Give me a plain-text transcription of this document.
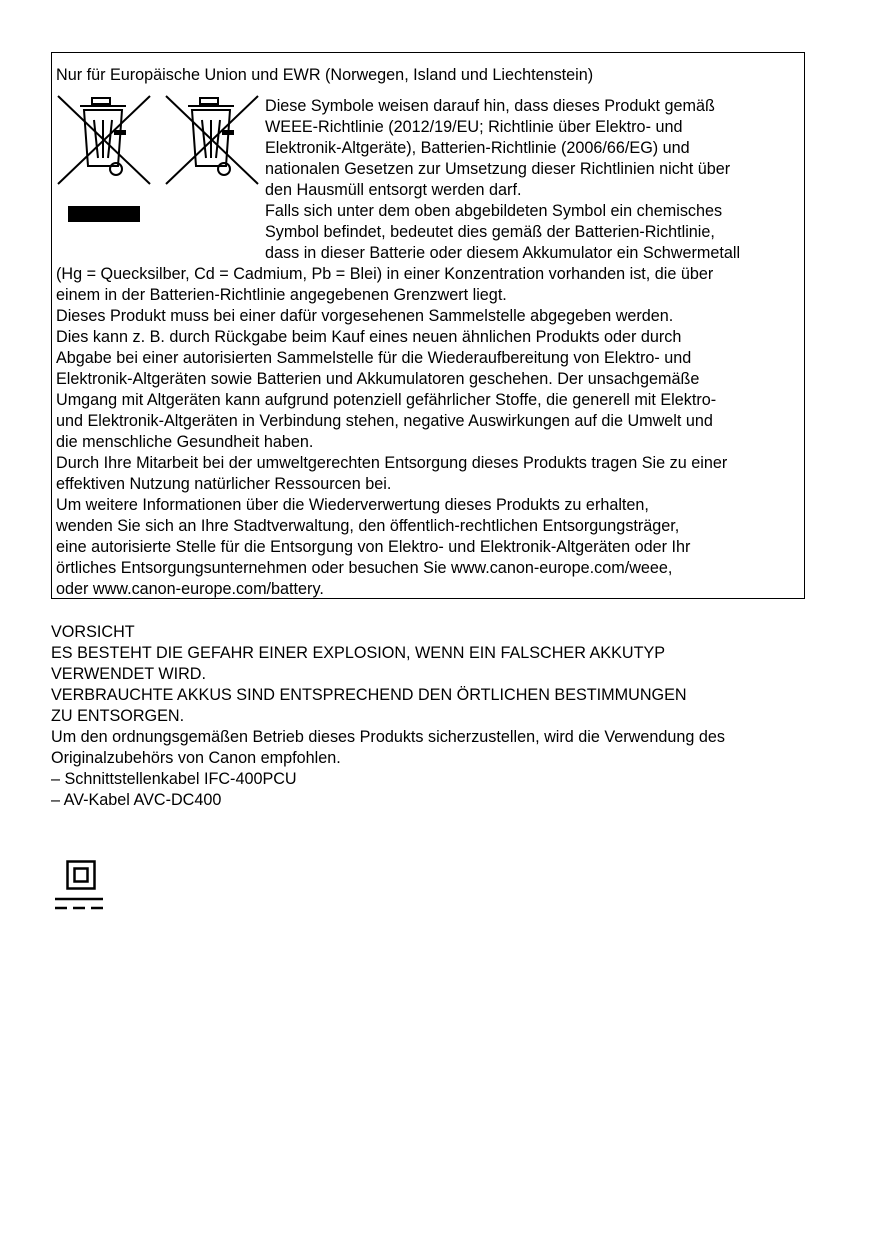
Nur für Europäische Union und EWR (Norwegen, Island und Liechtenstein)
Diese Symbole weisen darauf hin, dass dieses Produkt gemäß
WEEE-Richtlinie (2012/19/EU; Richtlinie über Elektro- und
Elektronik-Altgeräte), Batterien-Richtlinie (2006/66/EG) und
nationalen Gesetzen zur Umsetzung dieser Richtlinien nicht über
den Hausmüll entsorgt werden darf.
Falls sich unter dem oben abgebildeten Symbol ein chemisches
Symbol befindet, bedeutet dies gemäß der Batterien-Richtlinie,
dass in dieser Batterie oder diesem Akkumulator ein Schwermetall
(Hg = Quecksilber, Cd = Cadmium, Pb = Blei) in einer Konzentration vorhanden ist, die über
einem in der Batterien-Richtlinie angegebenen Grenzwert liegt.
Dieses Produkt muss bei einer dafür vorgesehenen Sammelstelle abgegeben werden.
Dies kann z. B. durch Rückgabe beim Kauf eines neuen ähnlichen Produkts oder durch
Abgabe bei einer autorisierten Sammelstelle für die Wiederaufbereitung von Elektro- und
Elektronik-Altgeräten sowie Batterien und Akkumulatoren geschehen. Der unsachgemäße
Umgang mit Altgeräten kann aufgrund potenziell gefährlicher Stoffe, die generell mit Elektro-
und Elektronik-Altgeräten in Verbindung stehen, negative Auswirkungen auf die Umwelt und
die menschliche Gesundheit haben.
Durch Ihre Mitarbeit bei der umweltgerechten Entsorgung dieses Produkts tragen Sie zu einer
effektiven Nutzung natürlicher Ressourcen bei.
Um weitere Informationen über die Wiederverwertung dieses Produkts zu erhalten,
wenden Sie sich an Ihre Stadtverwaltung, den öffentlich-rechtlichen Entsorgungsträger,
eine autorisierte Stelle für die Entsorgung von Elektro- und Elektronik-Altgeräten oder Ihr
örtliches Entsorgungsunternehmen oder besuchen Sie www.canon-europe.com/weee,
oder www.canon-europe.com/battery.
VORSICHT
ES BESTEHT DIE GEFAHR EINER EXPLOSION, WENN EIN FALSCHER AKKUTYP
VERWENDET WIRD.
VERBRAUCHTE AKKUS SIND ENTSPRECHEND DEN ÖRTLICHEN BESTIMMUNGEN
ZU ENTSORGEN.
Um den ordnungsgemäßen Betrieb dieses Produkts sicherzustellen, wird die Verwendung des
Originalzubehörs von Canon empfohlen.
– Schnittstellenkabel IFC-400PCU
– AV-Kabel AVC-DC400
